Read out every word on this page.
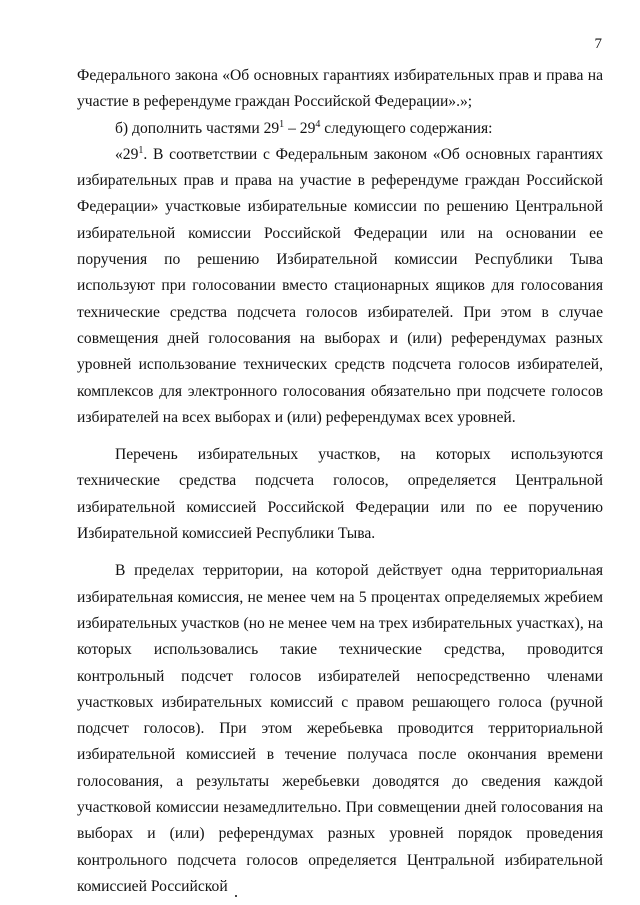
7

Федерального закона «Об основных гарантиях избирательных прав и права на участие в референдуме граждан Российской Федерации».»;

б) дополнить частями $29^1 - 29^4$ следующего содержания:

«$29^1$. В соответствии с Федеральным законом «Об основных гарантиях избирательных прав и права на участие в референдуме граждан Российской Федерации» участковые избирательные комиссии по решению Центральной избирательной комиссии Российской Федерации или на основании ее поручения по решению Избирательной комиссии Республики Тыва используют при голосовании вместо стационарных ящиков для голосования технические средства подсчета голосов избирателей. При этом в случае совмещения дней голосования на выборах и (или) референдумах разных уровней использование технических средств подсчета голосов избирателей, комплексов для электронного голосования обязательно при подсчете голосов избирателей на всех выборах и (или) референдумах всех уровней.

Перечень избирательных участков, на которых используются технические средства подсчета голосов, определяется Центральной избирательной комиссией Российской Федерации или по ее поручению Избирательной комиссией Республики Тыва.

В пределах территории, на которой действует одна территориальная избирательная комиссия, не менее чем на 5 процентах определяемых жребием избирательных участков (но не менее чем на трех избирательных участках), на которых использовались такие технические средства, проводится контрольный подсчет голосов избирателей непосредственно членами участковых избирательных комиссий с правом решающего голоса (ручной подсчет голосов). При этом жеребьевка проводится территориальной избирательной комиссией в течение получаса после окончания времени голосования, а результаты жеребьевки доводятся до сведения каждой участковой комиссии незамедлительно. При совмещении дней голосования на выборах и (или) референдумах разных уровней порядок проведения контрольного подсчета голосов определяется Центральной избирательной комиссией Российской
